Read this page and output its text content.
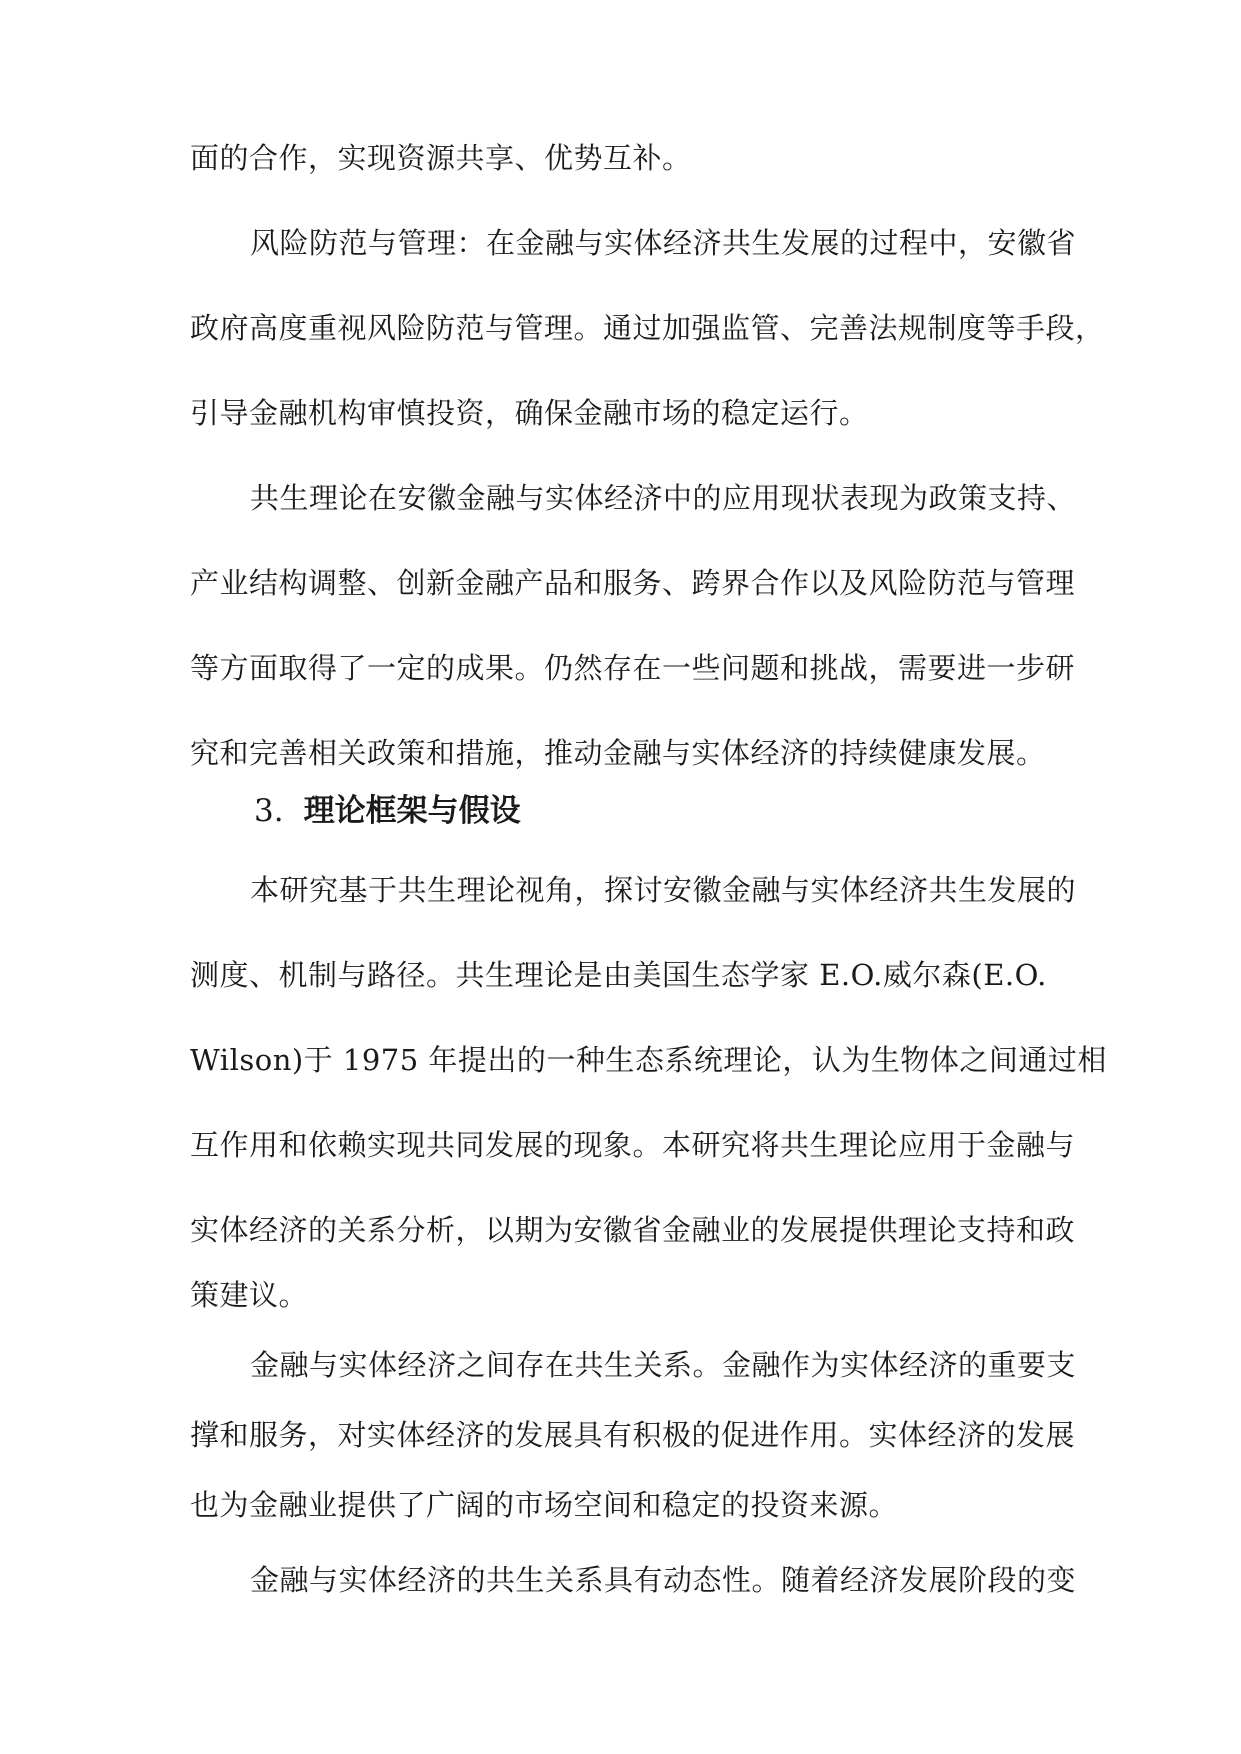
面的合作，实现资源共享、优势互补。
风险防范与管理：在金融与实体经济共生发展的过程中，安徽省
政府高度重视风险防范与管理。通过加强监管、完善法规制度等手段，
引导金融机构审慎投资，确保金融市场的稳定运行。
共生理论在安徽金融与实体经济中的应用现状表现为政策支持、
产业结构调整、创新金融产品和服务、跨界合作以及风险防范与管理
等方面取得了一定的成果。仍然存在一些问题和挑战，需要进一步研
究和完善相关政策和措施，推动金融与实体经济的持续健康发展。
3. 理论框架与假设
本研究基于共生理论视角，探讨安徽金融与实体经济共生发展的
测度、机制与路径。共生理论是由美国生态学家 E.O.威尔森(E.O.
Wilson)于 1975 年提出的一种生态系统理论，认为生物体之间通过相
互作用和依赖实现共同发展的现象。本研究将共生理论应用于金融与
实体经济的关系分析，以期为安徽省金融业的发展提供理论支持和政
策建议。
金融与实体经济之间存在共生关系。金融作为实体经济的重要支
撑和服务，对实体经济的发展具有积极的促进作用。实体经济的发展
也为金融业提供了广阔的市场空间和稳定的投资来源。
金融与实体经济的共生关系具有动态性。随着经济发展阶段的变
